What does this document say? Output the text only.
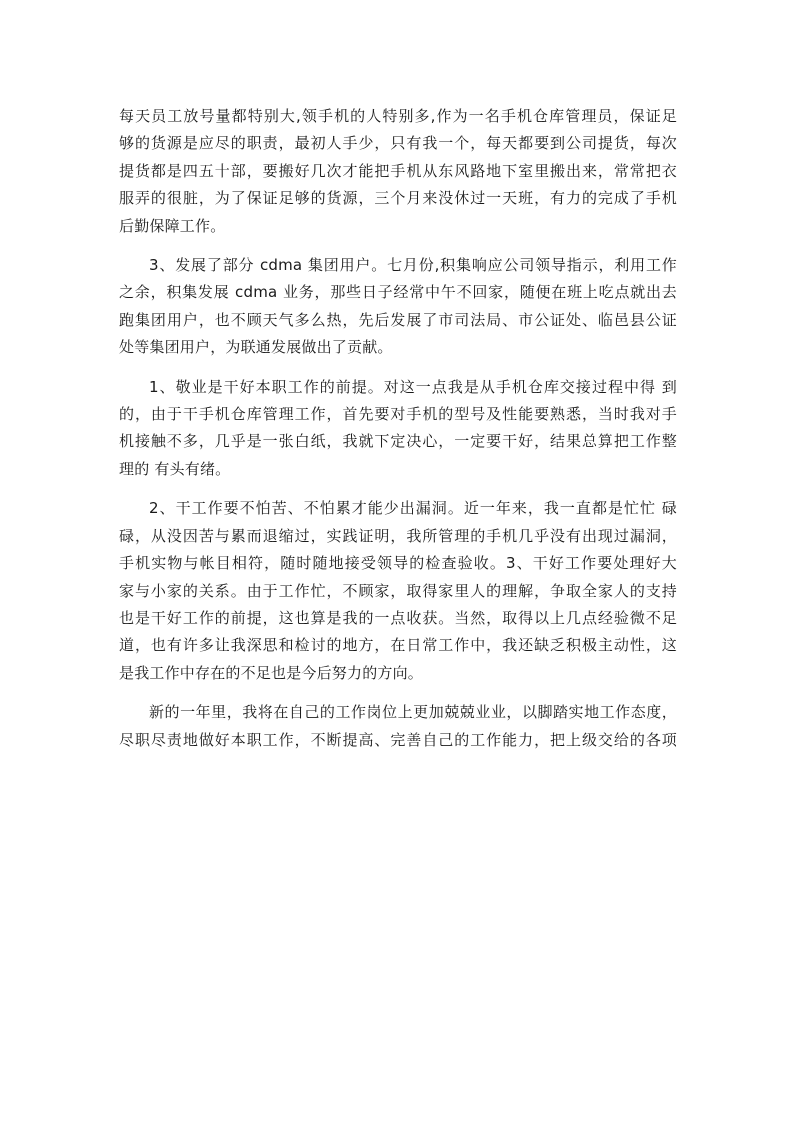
每天员工放号量都特别大,领手机的人特别多,作为一名手机仓库管理员，保证足
够的货源是应尽的职责，最初人手少，只有我一个，每天都要到公司提货，每次
提货都是四五十部，要搬好几次才能把手机从东风路地下室里搬出来，常常把衣
服弄的很脏，为了保证足够的货源，三个月来没休过一天班，有力的完成了手机
后勤保障工作。

3、发展了部分 cdma 集团用户。七月份,积集响应公司领导指示，利用工作
之余，积集发展 cdma 业务，那些日子经常中午不回家，随便在班上吃点就出去
跑集团用户，也不顾天气多么热，先后发展了市司法局、市公证处、临邑县公证
处等集团用户，为联通发展做出了贡献。

1、敬业是干好本职工作的前提。对这一点我是从手机仓库交接过程中得 到
的，由于干手机仓库管理工作，首先要对手机的型号及性能要熟悉，当时我对手
机接触不多，几乎是一张白纸，我就下定决心，一定要干好，结果总算把工作整
理的 有头有绪。

2、干工作要不怕苦、不怕累才能少出漏洞。近一年来，我一直都是忙忙 碌
碌，从没因苦与累而退缩过，实践证明，我所管理的手机几乎没有出现过漏洞，
手机实物与帐目相符，随时随地接受领导的检查验收。3、干好工作要处理好大
家与小家的关系。由于工作忙，不顾家，取得家里人的理解，争取全家人的支持
也是干好工作的前提，这也算是我的一点收获。当然，取得以上几点经验微不足
道，也有许多让我深思和检讨的地方，在日常工作中，我还缺乏积极主动性，这
是我工作中存在的不足也是今后努力的方向。

新的一年里，我将在自己的工作岗位上更加兢兢业业，以脚踏实地工作态度，
尽职尽责地做好本职工作，不断提高、完善自己的工作能力，把上级交给的各项
